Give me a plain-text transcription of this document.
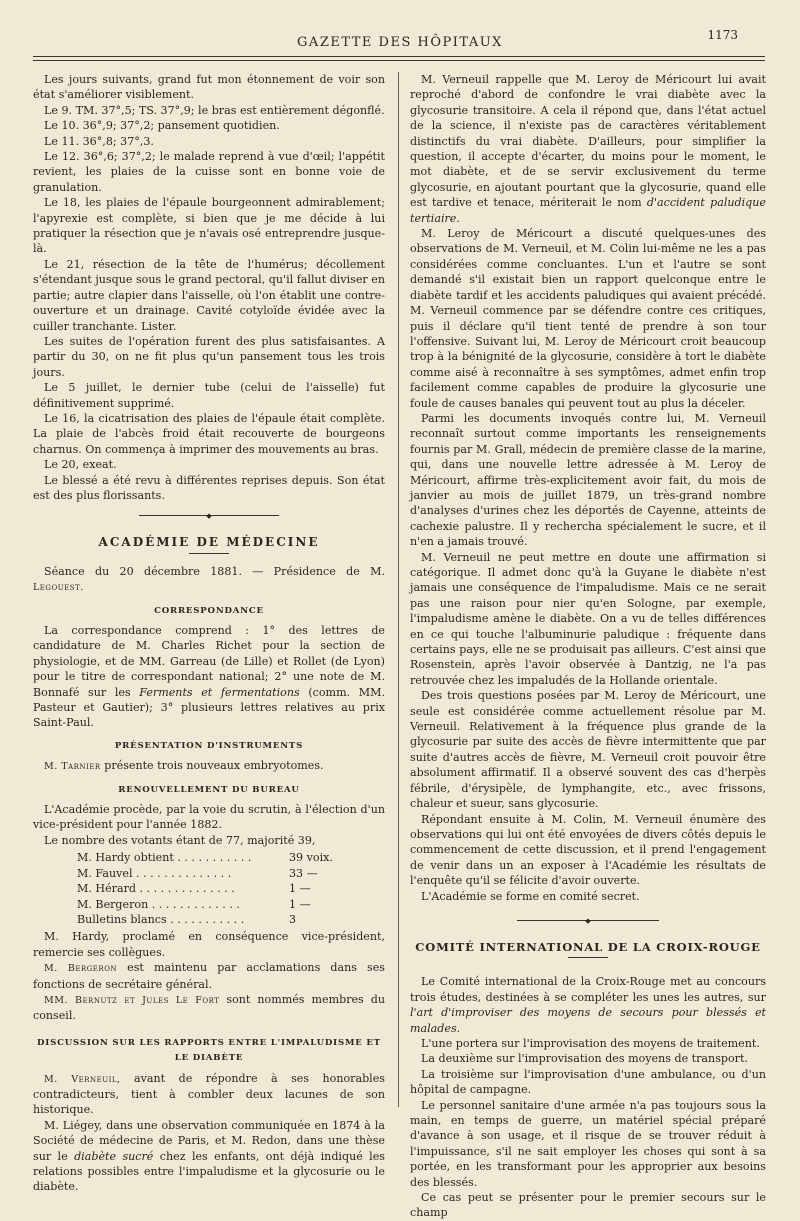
GAZETTE DES HÔPITAUX	1173

Les jours suivants, grand fut mon étonnement de voir son état s'améliorer visiblement.

Le 9. TM. 37°,5; TS. 37°,9; le bras est entièrement dégonflé.

Le 10. 36°,9; 37°,2; pansement quotidien.

Le 11. 36°,8; 37°,3.

Le 12. 36°,6; 37°,2; le malade reprend à vue d'œil; l'appétit revient, les plaies de la cuisse sont en bonne voie de granulation.

Le 18, les plaies de l'épaule bourgeonnent admirablement; l'apyrexie est complète, si bien que je me décide à lui pratiquer la résection que je n'avais osé entreprendre jusque-là.

Le 21, résection de la tête de l'humérus; décollement s'étendant jusque sous le grand pectoral, qu'il fallut diviser en partie; autre clapier dans l'aisselle, où l'on établit une contre-ouverture et un drainage. Cavité cotyloïde évidée avec la cuiller tranchante. Lister.

Les suites de l'opération furent des plus satisfaisantes. A partir du 30, on ne fit plus qu'un pansement tous les trois jours.

Le 5 juillet, le dernier tube (celui de l'aisselle) fut définitivement supprimé.

Le 16, la cicatrisation des plaies de l'épaule était complète. La plaie de l'abcès froid était recouverte de bourgeons charnus. On commença à imprimer des mouvements au bras.

Le 20, exeat.

Le blessé a été revu à différentes reprises depuis. Son état est des plus florissants.

◆
ACADÉMIE DE MÉDECINE

Séance du 20 décembre 1881. — Présidence de M. Legouest.

CORRESPONDANCE

La correspondance comprend : 1° des lettres de candidature de M. Charles Richet pour la section de physiologie, et de MM. Garreau (de Lille) et Rollet (de Lyon) pour le titre de correspondant national; 2° une note de M. Bonnafé sur les Ferments et fermentations (comm. MM. Pasteur et Gautier); 3° plusieurs lettres relatives au prix Saint-Paul.

PRÉSENTATION D'INSTRUMENTS

M. Tarnier présente trois nouveaux embryotomes.

RENOUVELLEMENT DU BUREAU

L'Académie procède, par la voie du scrutin, à l'élection d'un vice-président pour l'année 1882.

Le nombre des votants étant de 77, majorité 39,

M. Hardy obtient . . . . . . . . . . .	39 voix.
M. Fauvel . . . . . . . . . . . . . .	33 —
M. Hérard . . . . . . . . . . . . . .	1 —
M. Bergeron . . . . . . . . . . . . .	1 —
Bulletins blancs . . . . . . . . . . .	3

M. Hardy, proclamé en conséquence vice-président, remercie ses collègues.

M. Bergeron est maintenu par acclamations dans ses fonctions de secrétaire général.

MM. Bernutz et Jules Le Fort sont nommés membres du conseil.

DISCUSSION SUR LES RAPPORTS ENTRE L'IMPALUDISME ET LE DIABÈTE

M. Verneuil, avant de répondre à ses honorables contradicteurs, tient à combler deux lacunes de son historique.

M. Liégey, dans une observation communiquée en 1874 à la Société de médecine de Paris, et M. Redon, dans une thèse sur le diabète sucré chez les enfants, ont déjà indiqué les relations possibles entre l'impaludisme et la glycosurie ou le diabète.

M. Verneuil rappelle que M. Leroy de Méricourt lui avait reproché d'abord de confondre le vrai diabète avec la glycosurie transitoire. A cela il répond que, dans l'état actuel de la science, il n'existe pas de caractères véritablement distinctifs du vrai diabète. D'ailleurs, pour simplifier la question, il accepte d'écarter, du moins pour le moment, le mot diabète, et de se servir exclusivement du terme glycosurie, en ajoutant pourtant que la glycosurie, quand elle est tardive et tenace, mériterait le nom d'accident paludique tertiaire.

M. Leroy de Méricourt a discuté quelques-unes des observations de M. Verneuil, et M. Colin lui-même ne les a pas considérées comme concluantes. L'un et l'autre se sont demandé s'il existait bien un rapport quelconque entre le diabète tardif et les accidents paludiques qui avaient précédé. M. Verneuil commence par se défendre contre ces critiques, puis il déclare qu'il tient tenté de prendre à son tour l'offensive. Suivant lui, M. Leroy de Méricourt croit beaucoup trop à la bénignité de la glycosurie, considère à tort le diabète comme aisé à reconnaître à ses symptômes, admet enfin trop facilement comme capables de produire la glycosurie une foule de causes banales qui peuvent tout au plus la déceler.

Parmi les documents invoqués contre lui, M. Verneuil reconnaît surtout comme importants les renseignements fournis par M. Grall, médecin de première classe de la marine, qui, dans une nouvelle lettre adressée à M. Leroy de Méricourt, affirme très-explicitement avoir fait, du mois de janvier au mois de juillet 1879, un très-grand nombre d'analyses d'urines chez les déportés de Cayenne, atteints de cachexie palustre. Il y rechercha spécialement le sucre, et il n'en a jamais trouvé.

M. Verneuil ne peut mettre en doute une affirmation si catégorique. Il admet donc qu'à la Guyane le diabète n'est jamais une conséquence de l'impaludisme. Mais ce ne serait pas une raison pour nier qu'en Sologne, par exemple, l'impaludisme amène le diabète. On a vu de telles différences en ce qui touche l'albuminurie paludique : fréquente dans certains pays, elle ne se produisait pas ailleurs. C'est ainsi que Rosenstein, après l'avoir observée à Dantzig, ne l'a pas retrouvée chez les impaludés de la Hollande orientale.

Des trois questions posées par M. Leroy de Méricourt, une seule est considérée comme actuellement résolue par M. Verneuil. Relativement à la fréquence plus grande de la glycosurie par suite des accès de fièvre intermittente que par suite d'autres accès de fièvre, M. Verneuil croit pouvoir être absolument affirmatif. Il a observé souvent des cas d'herpès fébrile, d'érysipèle, de lymphangite, etc., avec frissons, chaleur et sueur, sans glycosurie.

Répondant ensuite à M. Colin, M. Verneuil énumère des observations qui lui ont été envoyées de divers côtés depuis le commencement de cette discussion, et il prend l'engagement de venir dans un an exposer à l'Académie les résultats de l'enquête qu'il se félicite d'avoir ouverte.

L'Académie se forme en comité secret.

◆
COMITÉ INTERNATIONAL DE LA CROIX-ROUGE

Le Comité international de la Croix-Rouge met au concours trois études, destinées à se compléter les unes les autres, sur l'art d'improviser des moyens de secours pour blessés et malades.

L'une portera sur l'improvisation des moyens de traitement.

La deuxième sur l'improvisation des moyens de transport.

La troisième sur l'improvisation d'une ambulance, ou d'un hôpital de campagne.

Le personnel sanitaire d'une armée n'a pas toujours sous la main, en temps de guerre, un matériel spécial préparé d'avance à son usage, et il risque de se trouver réduit à l'impuissance, s'il ne sait employer les choses qui sont à sa portée, en les transformant pour les approprier aux besoins des blessés.

Ce cas peut se présenter pour le premier secours sur le champ
